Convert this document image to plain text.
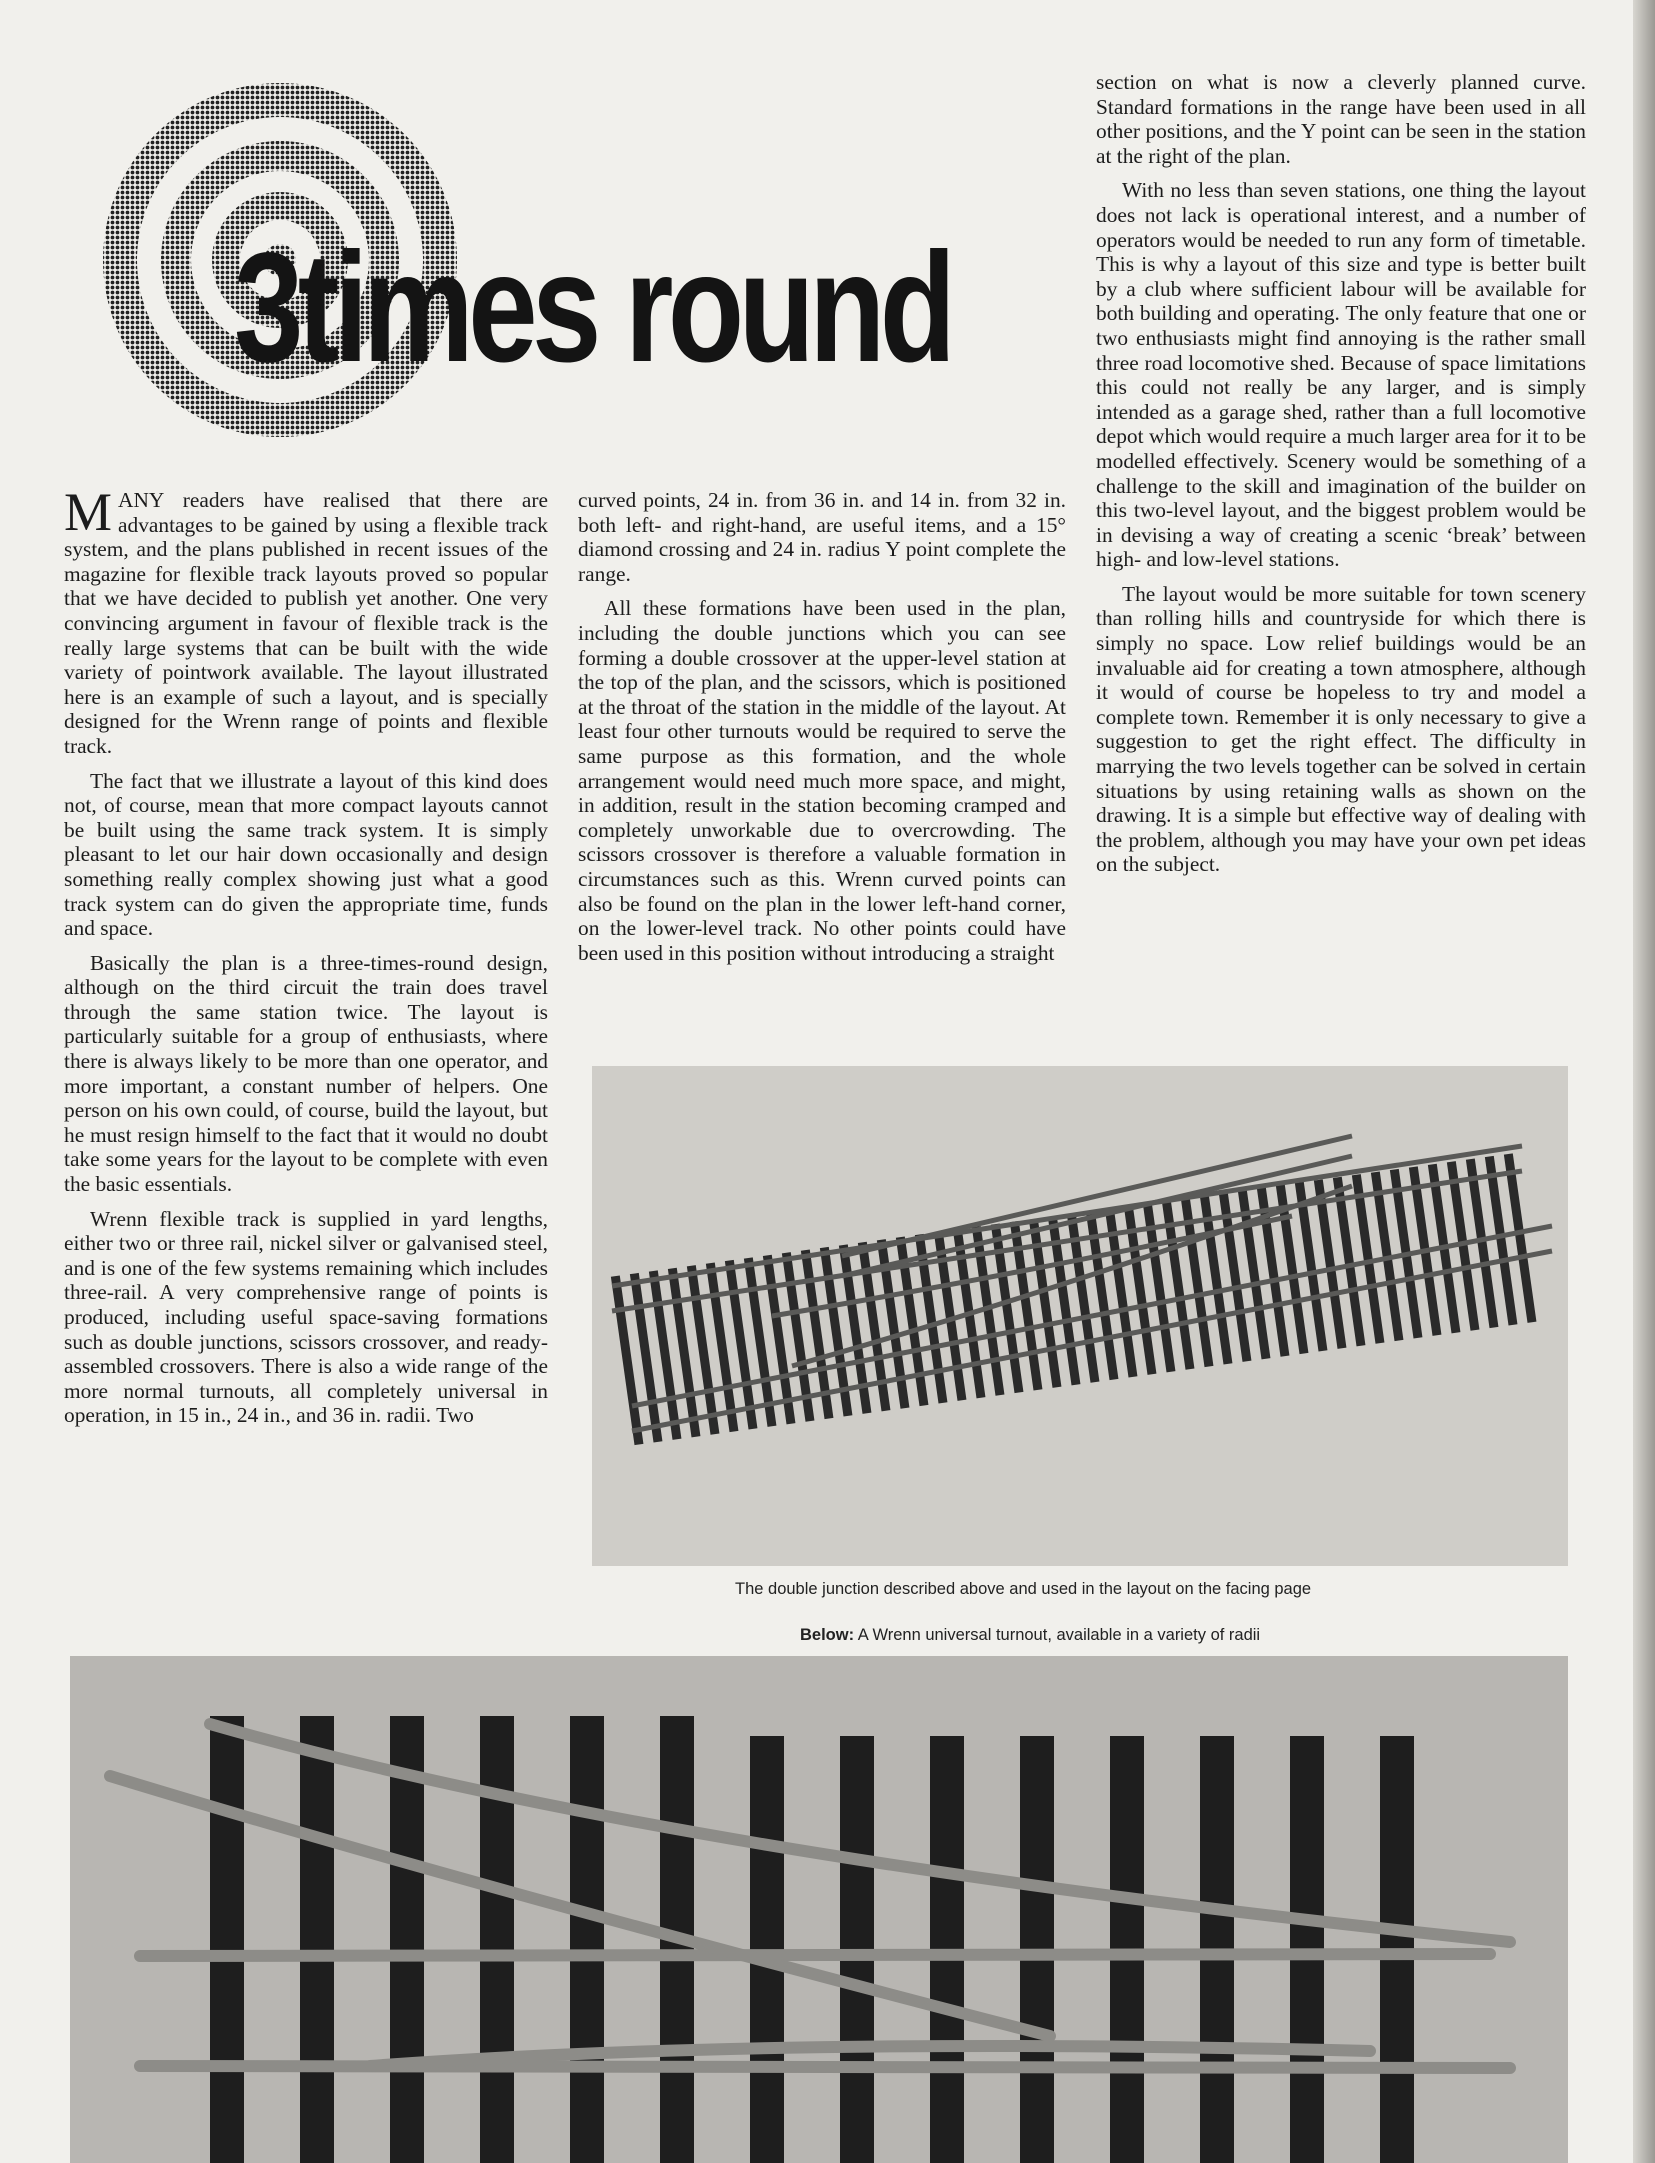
3times round

MANY readers have realised that there are advantages to be gained by using a flexible track system, and the plans published in recent issues of the magazine for flexible track layouts proved so popular that we have decided to publish yet another. One very convincing argument in favour of flexible track is the really large systems that can be built with the wide variety of pointwork available. The layout illustrated here is an example of such a layout, and is specially designed for the Wrenn range of points and flexible track.

The fact that we illustrate a layout of this kind does not, of course, mean that more compact layouts cannot be built using the same track system. It is simply pleasant to let our hair down occasionally and design something really complex showing just what a good track system can do given the appropriate time, funds and space.

Basically the plan is a three-times-round design, although on the third circuit the train does travel through the same station twice. The layout is particularly suitable for a group of enthusiasts, where there is always likely to be more than one operator, and more important, a constant number of helpers. One person on his own could, of course, build the layout, but he must resign himself to the fact that it would no doubt take some years for the layout to be complete with even the basic essentials.

Wrenn flexible track is supplied in yard lengths, either two or three rail, nickel silver or galvanised steel, and is one of the few systems remaining which includes three-rail. A very comprehensive range of points is produced, including useful space-saving formations such as double junctions, scissors crossover, and ready-assembled crossovers. There is also a wide range of the more normal turnouts, all completely universal in operation, in 15 in., 24 in., and 36 in. radii. Two

curved points, 24 in. from 36 in. and 14 in. from 32 in. both left- and right-hand, are useful items, and a 15° diamond crossing and 24 in. radius Y point complete the range.

All these formations have been used in the plan, including the double junctions which you can see forming a double crossover at the upper-level station at the top of the plan, and the scissors, which is positioned at the throat of the station in the middle of the layout. At least four other turnouts would be required to serve the same purpose as this formation, and the whole arrangement would need much more space, and might, in addition, result in the station becoming cramped and completely unworkable due to overcrowding. The scissors crossover is therefore a valuable formation in circumstances such as this. Wrenn curved points can also be found on the plan in the lower left-hand corner, on the lower-level track. No other points could have been used in this position without introducing a straight

section on what is now a cleverly planned curve. Standard formations in the range have been used in all other positions, and the Y point can be seen in the station at the right of the plan.

With no less than seven stations, one thing the layout does not lack is operational interest, and a number of operators would be needed to run any form of timetable. This is why a layout of this size and type is better built by a club where sufficient labour will be available for both building and operating. The only feature that one or two enthusiasts might find annoying is the rather small three road locomotive shed. Because of space limitations this could not really be any larger, and is simply intended as a garage shed, rather than a full locomotive depot which would require a much larger area for it to be modelled effectively. Scenery would be something of a challenge to the skill and imagination of the builder on this two-level layout, and the biggest problem would be in devising a way of creating a scenic ‘break’ between high- and low-level stations.

The layout would be more suitable for town scenery than rolling hills and countryside for which there is simply no space. Low relief buildings would be an invaluable aid for creating a town atmosphere, although it would of course be hopeless to try and model a complete town. Remember it is only necessary to give a suggestion to get the right effect. The difficulty in marrying the two levels together can be solved in certain situations by using retaining walls as shown on the drawing. It is a simple but effective way of dealing with the problem, although you may have your own pet ideas on the subject.

The double junction described above and used in the layout on the facing page
Below: A Wrenn universal turnout, available in a variety of radii
